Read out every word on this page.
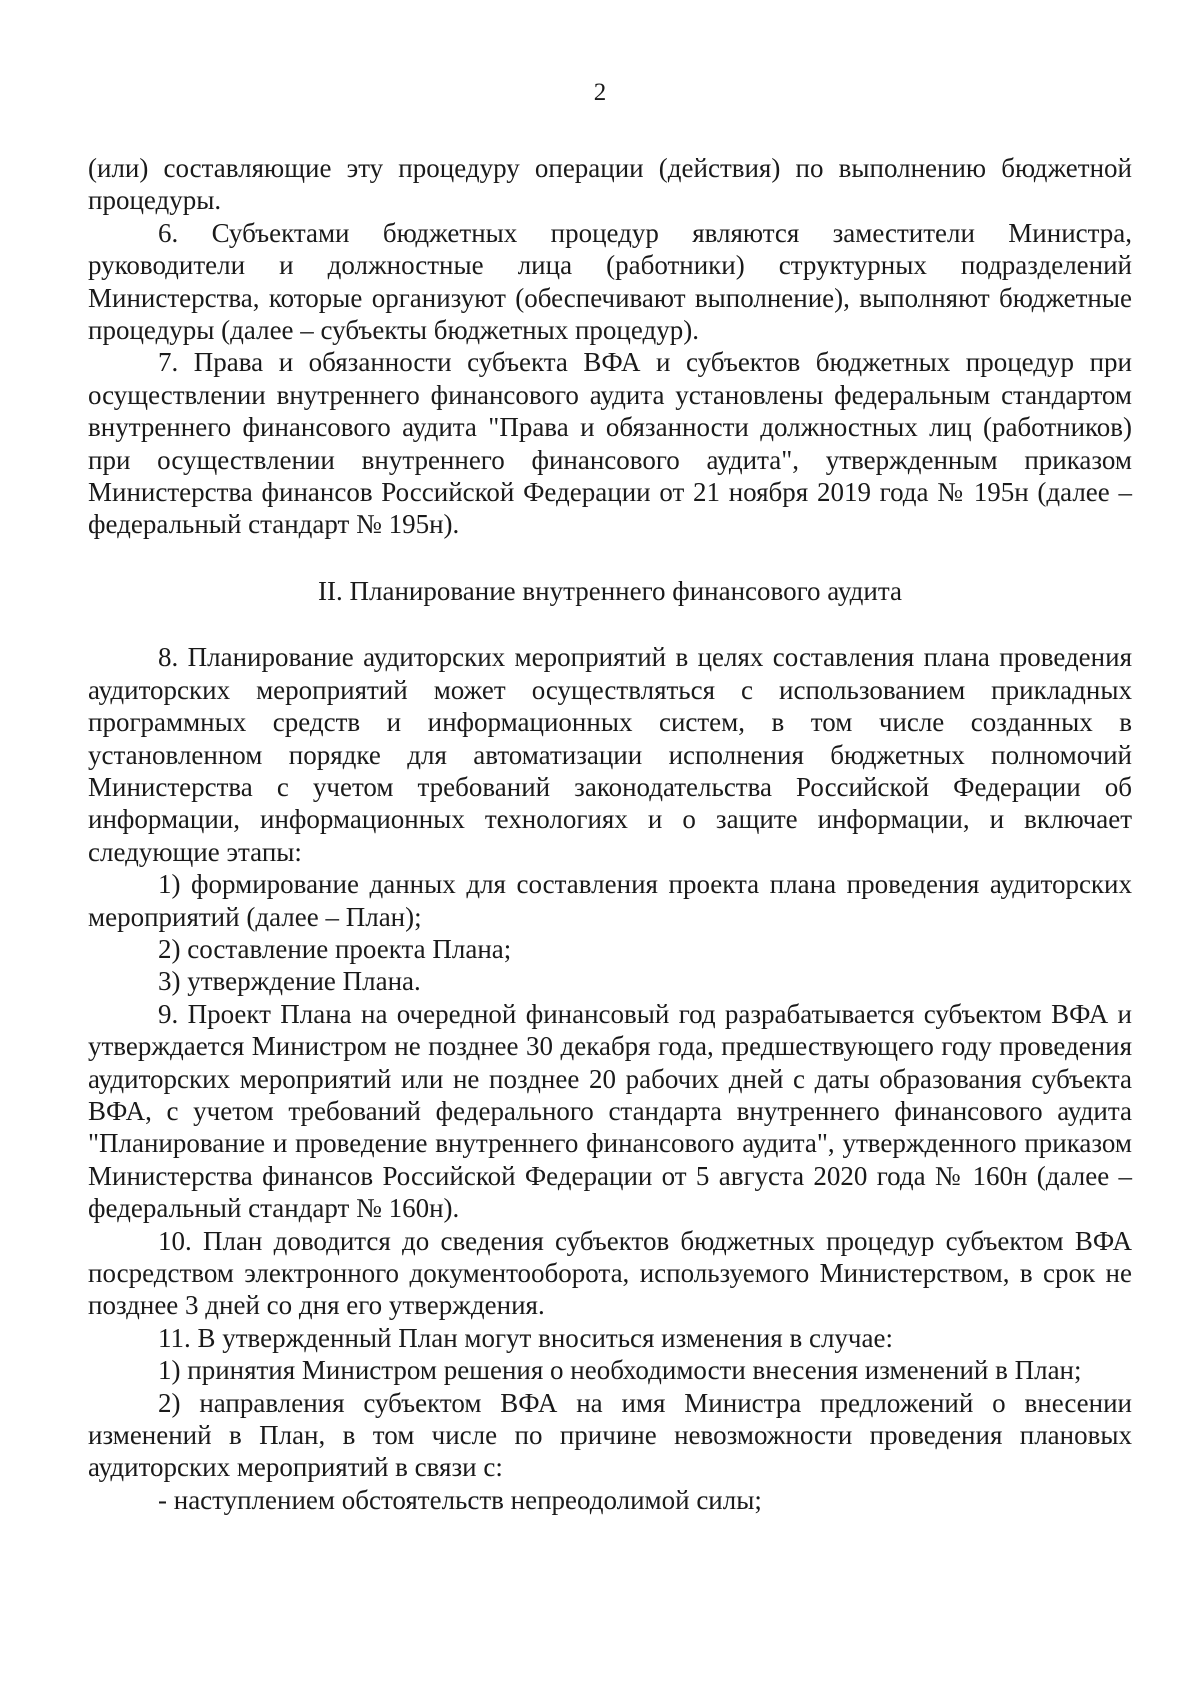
2

(или) составляющие эту процедуру операции (действия) по выполнению бюджетной процедуры.

6. Субъектами бюджетных процедур являются заместители Министра, руководители и должностные лица (работники) структурных подразделений Министерства, которые организуют (обеспечивают выполнение), выполняют бюджетные процедуры (далее – субъекты бюджетных процедур).

7. Права и обязанности субъекта ВФА и субъектов бюджетных процедур при осуществлении внутреннего финансового аудита установлены федеральным стандартом внутреннего финансового аудита "Права и обязанности должностных лиц (работников) при осуществлении внутреннего финансового аудита", утвержденным приказом Министерства финансов Российской Федерации от 21 ноября 2019 года № 195н (далее – федеральный стандарт № 195н).

II. Планирование внутреннего финансового аудита

8. Планирование аудиторских мероприятий в целях составления плана проведения аудиторских мероприятий может осуществляться с использованием прикладных программных средств и информационных систем, в том числе созданных в установленном порядке для автоматизации исполнения бюджетных полномочий Министерства с учетом требований законодательства Российской Федерации об информации, информационных технологиях и о защите информации, и включает следующие этапы:

1) формирование данных для составления проекта плана проведения аудиторских мероприятий (далее – План);

2) составление проекта Плана;

3) утверждение Плана.

9. Проект Плана на очередной финансовый год разрабатывается субъектом ВФА и утверждается Министром не позднее 30 декабря года, предшествующего году проведения аудиторских мероприятий или не позднее 20 рабочих дней с даты образования субъекта ВФА, с учетом требований федерального стандарта внутреннего финансового аудита "Планирование и проведение внутреннего финансового аудита", утвержденного приказом Министерства финансов Российской Федерации от 5 августа 2020 года № 160н (далее – федеральный стандарт № 160н).

10. План доводится до сведения субъектов бюджетных процедур субъектом ВФА посредством электронного документооборота, используемого Министерством, в срок не позднее 3 дней со дня его утверждения.

11. В утвержденный План могут вноситься изменения в случае:

1) принятия Министром решения о необходимости внесения изменений в План;

2) направления субъектом ВФА на имя Министра предложений о внесении изменений в План, в том числе по причине невозможности проведения плановых аудиторских мероприятий в связи с:

- наступлением обстоятельств непреодолимой силы;
